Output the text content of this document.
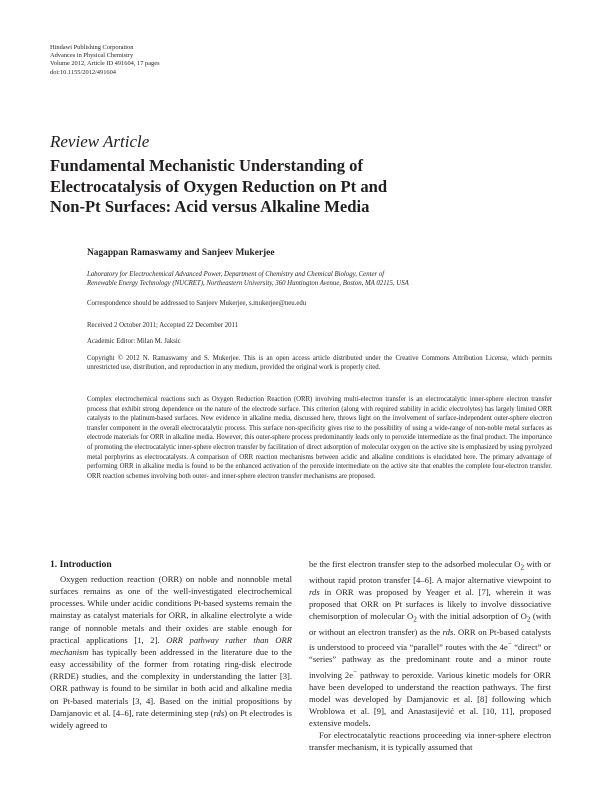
Hindawi Publishing Corporation
Advances in Physical Chemistry
Volume 2012, Article ID 491604, 17 pages
doi:10.1155/2012/491604
Review Article
Fundamental Mechanistic Understanding of
Electrocatalysis of Oxygen Reduction on Pt and
Non-Pt Surfaces: Acid versus Alkaline Media
Nagappan Ramaswamy and Sanjeev Mukerjee
Laboratory for Electrochemical Advanced Power, Department of Chemistry and Chemical Biology, Center of
Renewable Energy Technology (NUCRET), Northeastern University, 360 Huntington Avenue, Boston, MA 02115, USA
Correspondence should be addressed to Sanjeev Mukerjee, s.mukerjee@neu.edu
Received 2 October 2011; Accepted 22 December 2011
Academic Editor: Milan M. Jaksic
Copyright © 2012 N. Ramaswamy and S. Mukerjee. This is an open access article distributed under the Creative Commons Attribution License, which permits unrestricted use, distribution, and reproduction in any medium, provided the original work is properly cited.
Complex electrochemical reactions such as Oxygen Reduction Reaction (ORR) involving multi-electron transfer is an electrocatalytic inner-sphere electron transfer process that exhibit strong dependence on the nature of the electrode surface. This criterion (along with required stability in acidic electrolytes) has largely limited ORR catalysts to the platinum-based surfaces. New evidence in alkaline media, discussed here, throws light on the involvement of surface-independent outer-sphere electron transfer component in the overall electrocatalytic process. This surface non-specificity gives rise to the possibility of using a wide-range of non-noble metal surfaces as electrode materials for ORR in alkaline media. However, this outer-sphere process predominantly leads only to peroxide intermediate as the final product. The importance of promoting the electrocatalytic inner-sphere electron transfer by facilitation of direct adsorption of molecular oxygen on the active site is emphasized by using pyrolyzed metal porphyrins as electrocatalysts. A comparison of ORR reaction mechanisms between acidic and alkaline conditions is elucidated here. The primary advantage of performing ORR in alkaline media is found to be the enhanced activation of the peroxide intermediate on the active site that enables the complete four-electron transfer. ORR reaction schemes involving both outer- and inner-sphere electron transfer mechanisms are proposed.
1. Introduction

Oxygen reduction reaction (ORR) on noble and nonnoble metal surfaces remains as one of the well-investigated electrochemical processes. While under acidic conditions Pt-based systems remain the mainstay as catalyst materials for ORR, in alkaline electrolyte a wide range of nonnoble metals and their oxides are stable enough for practical applications [1, 2]. ORR pathway rather than ORR mechanism has typically been addressed in the literature due to the easy accessibility of the former from rotating ring-disk electrode (RRDE) studies, and the complexity in understanding the latter [3]. ORR pathway is found to be similar in both acid and alkaline media on Pt-based materials [3, 4]. Based on the initial propositions by Damjanovic et al. [4–6], rate determining step (rds) on Pt electrodes is widely agreed to

be the first electron transfer step to the adsorbed molecular $O_2$ with or without rapid proton transfer [4–6]. A major alternative viewpoint to rds in ORR was proposed by Yeager et al. [7], wherein it was proposed that ORR on Pt surfaces is likely to involve dissociative chemisorption of molecular $O_2$ with the initial adsorption of $O_2$ (with or without an electron transfer) as the rds. ORR on Pt-based catalysts is understood to proceed via “parallel” routes with the 4e− “direct” or “series” pathway as the predominant route and a minor route involving 2e− pathway to peroxide. Various kinetic models for ORR have been developed to understand the reaction pathways. The first model was developed by Damjanovic et al. [8] following which Wroblowa et al. [9], and Anastasijević et al. [10, 11], proposed extensive models.

For electrocatalytic reactions proceeding via inner-sphere electron transfer mechanism, it is typically assumed that
